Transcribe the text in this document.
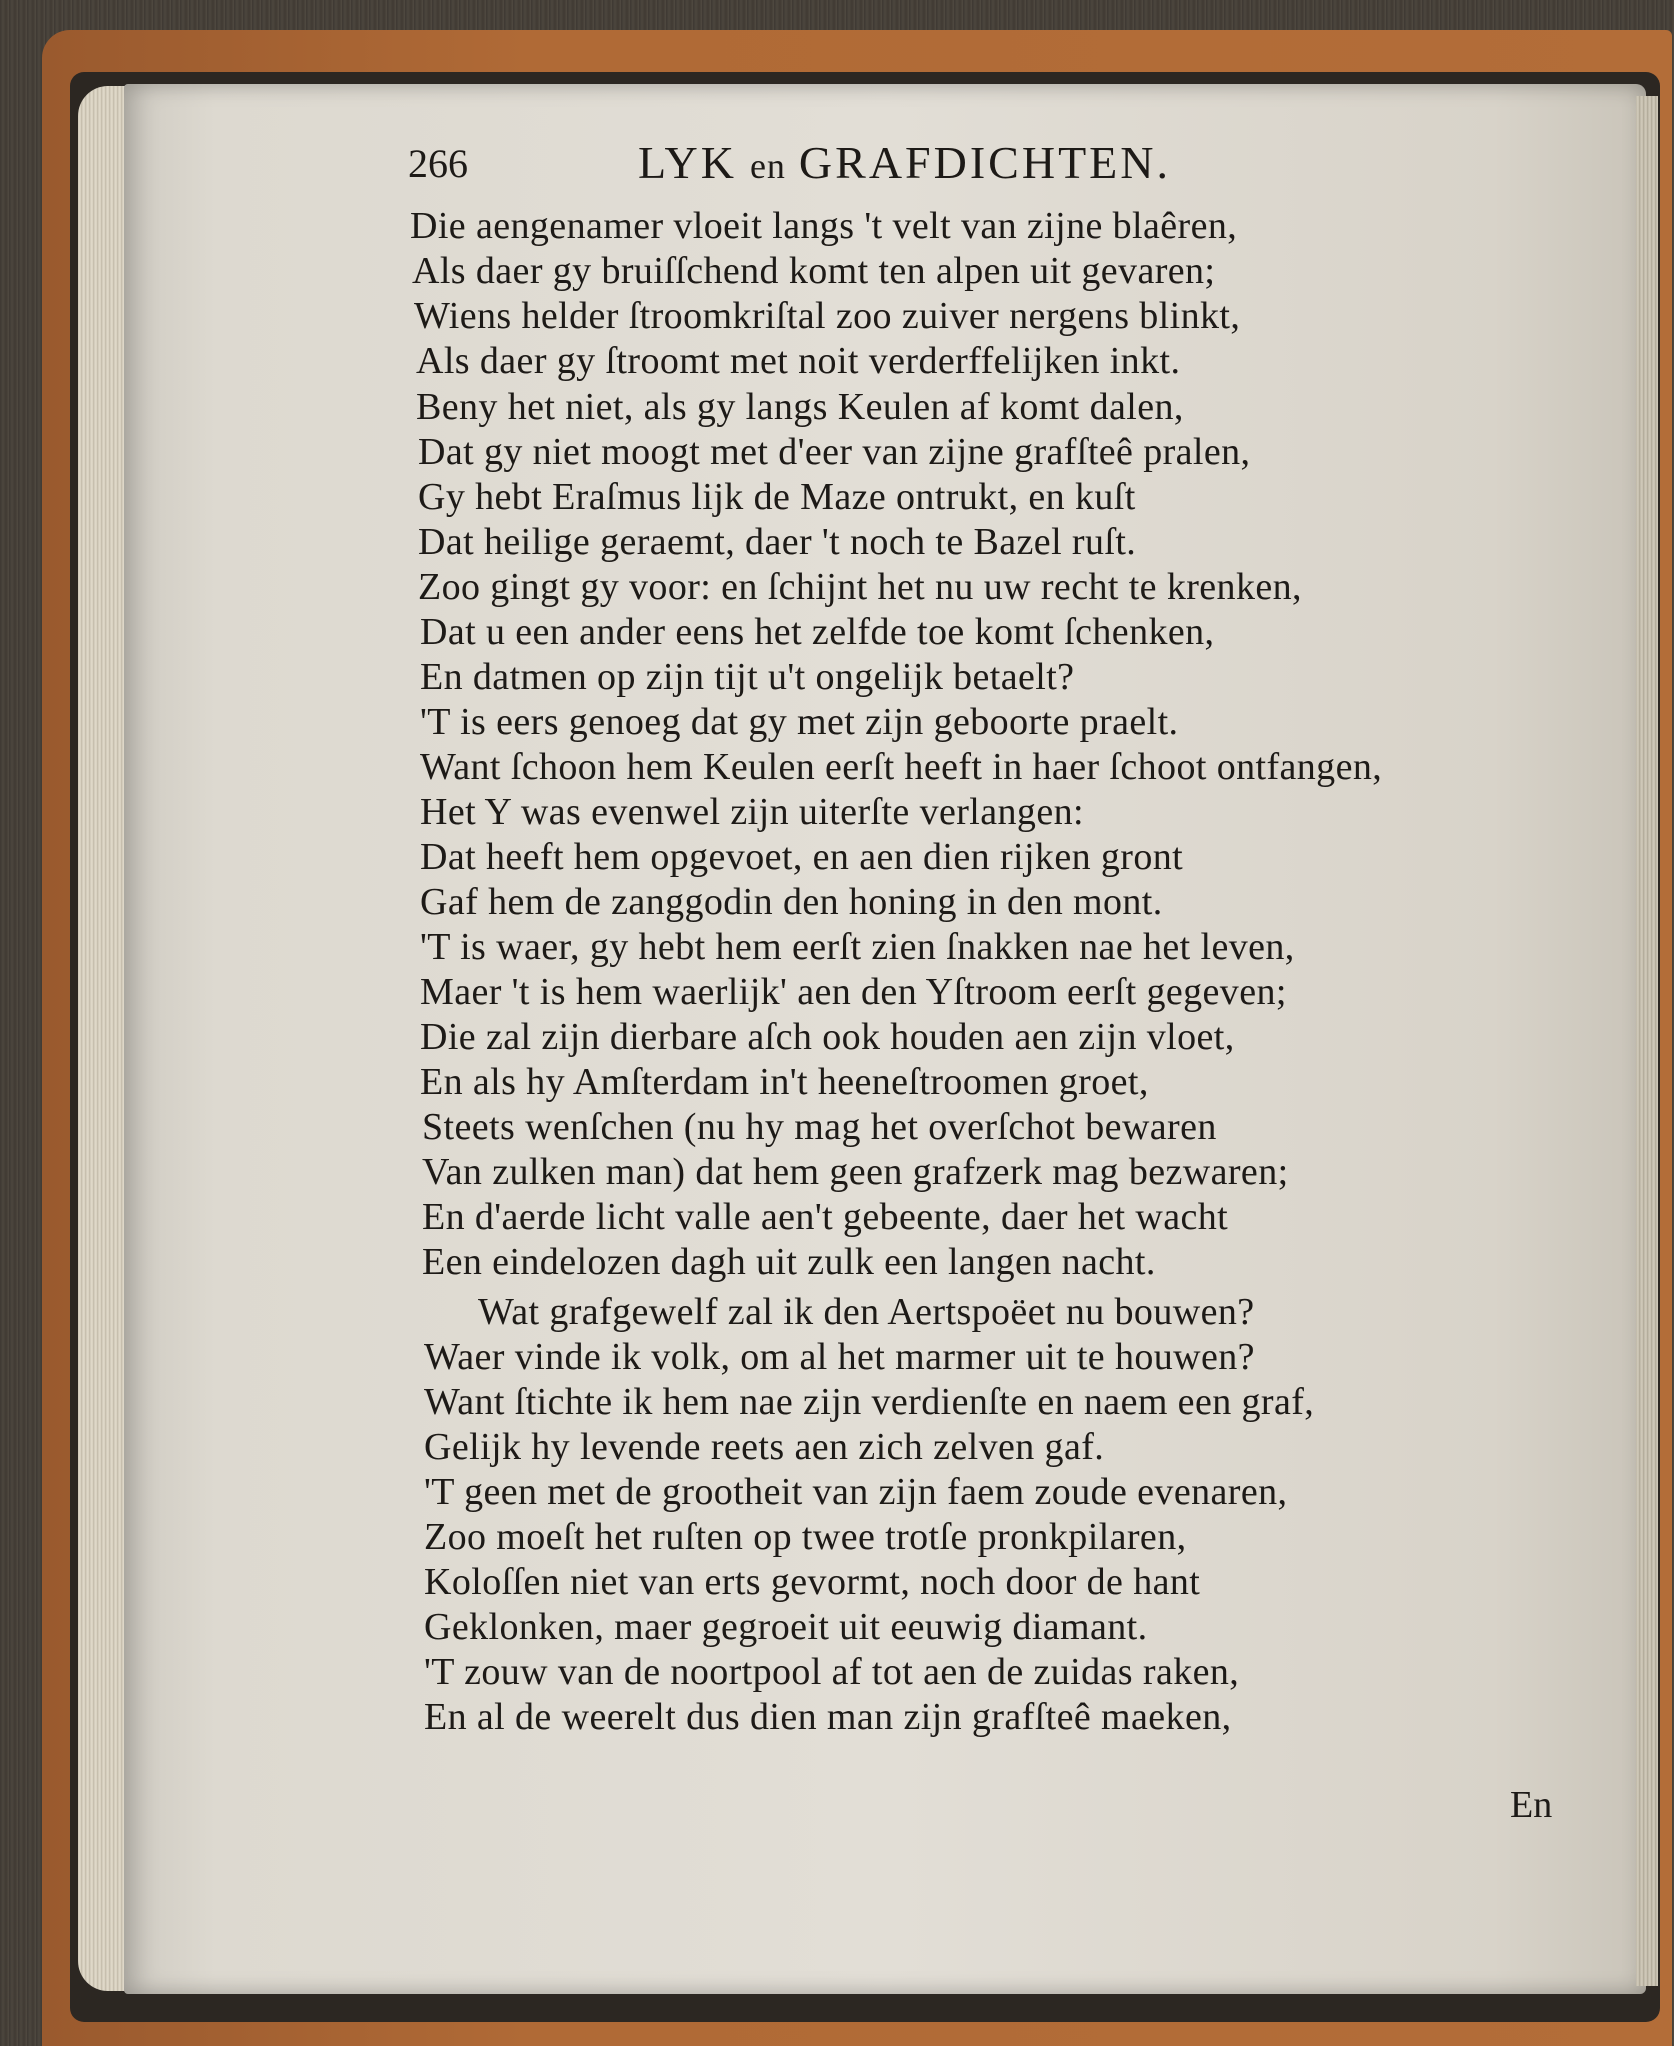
266	LYK en GRAFDICHTEN.
Die aengenamer vloeit langs 't velt van zijne blaêren,
Als daer gy bruiſſchend komt ten alpen uit gevaren;
Wiens helder ſtroomkriſtal zoo zuiver nergens blinkt,
Als daer gy ſtroomt met noit verderffelijken inkt.
Beny het niet, als gy langs Keulen af komt dalen,
Dat gy niet moogt met d'eer van zijne grafſteê pralen,
Gy hebt Eraſmus lijk de Maze ontrukt, en kuſt
Dat heilige geraemt, daer 't noch te Bazel ruſt.
Zoo gingt gy voor: en ſchijnt het nu uw recht te krenken,
Dat u een ander eens het zelfde toe komt ſchenken,
En datmen op zijn tijt u't ongelijk betaelt?
'T is eers genoeg dat gy met zijn geboorte praelt.
Want ſchoon hem Keulen eerſt heeft in haer ſchoot ontfangen,
Het Y was evenwel zijn uiterſte verlangen:
Dat heeft hem opgevoet, en aen dien rijken gront
Gaf hem de zanggodin den honing in den mont.
'T is waer, gy hebt hem eerſt zien ſnakken nae het leven,
Maer 't is hem waerlijk' aen den Yſtroom eerſt gegeven;
Die zal zijn dierbare aſch ook houden aen zijn vloet,
En als hy Amſterdam in't heeneſtroomen groet,
Steets wenſchen (nu hy mag het overſchot bewaren
Van zulken man) dat hem geen grafzerk mag bezwaren;
En d'aerde licht valle aen't gebeente, daer het wacht
Een eindelozen dagh uit zulk een langen nacht.
Wat grafgewelf zal ik den Aertspoëet nu bouwen?
Waer vinde ik volk, om al het marmer uit te houwen?
Want ſtichte ik hem nae zijn verdienſte en naem een graf,
Gelijk hy levende reets aen zich zelven gaf.
'T geen met de grootheit van zijn faem zoude evenaren,
Zoo moeſt het ruſten op twee trotſe pronkpilaren,
Koloſſen niet van erts gevormt, noch door de hant
Geklonken, maer gegroeit uit eeuwig diamant.
'T zouw van de noortpool af tot aen de zuidas raken,
En al de weerelt dus dien man zijn grafſteê maeken,
En
